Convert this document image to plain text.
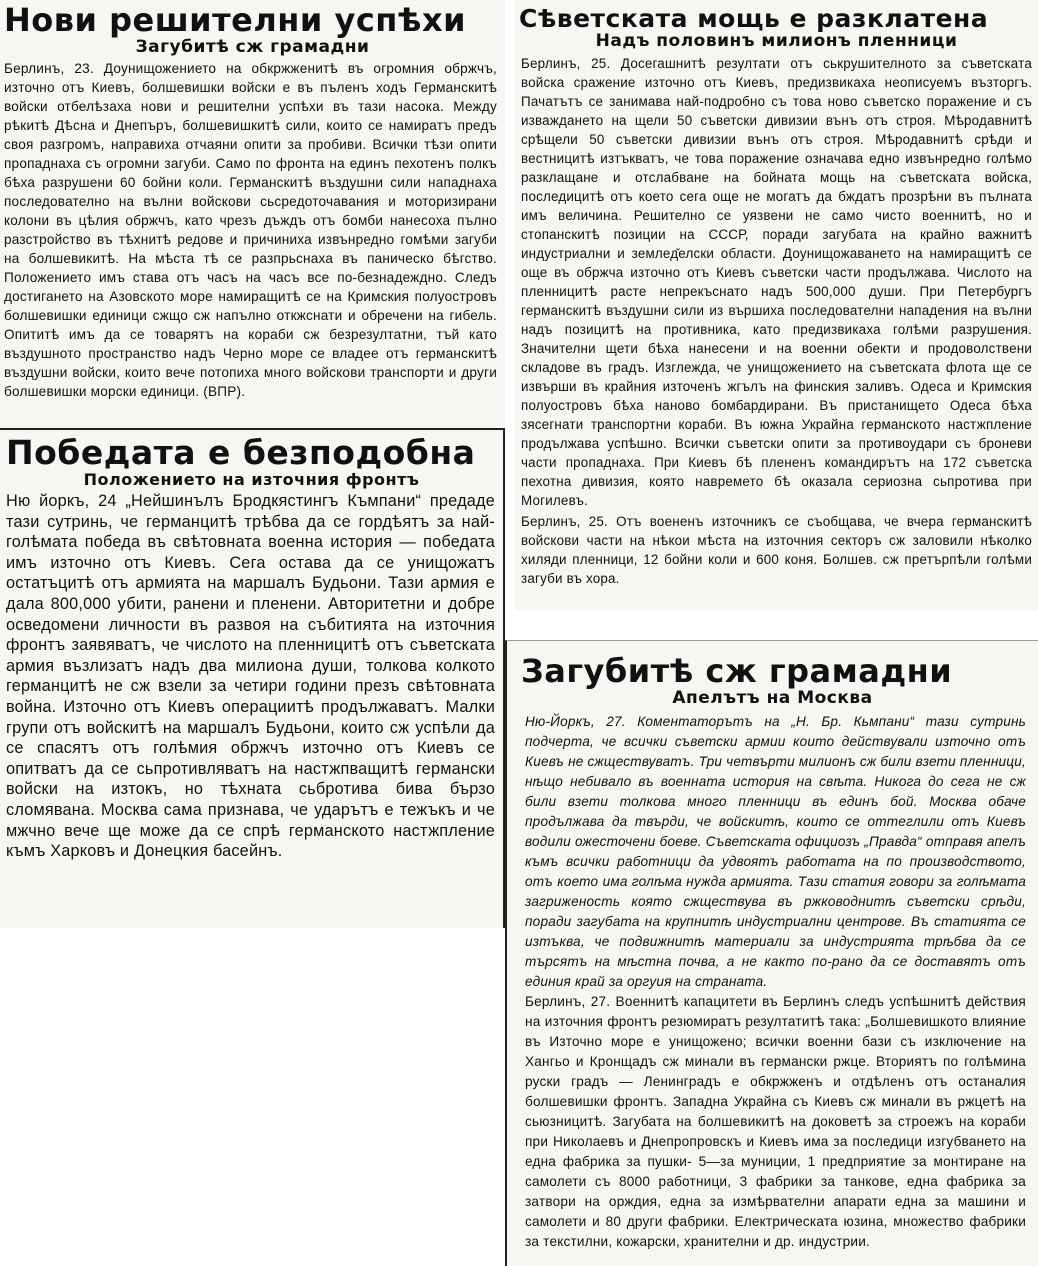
Нови решителни успѣхи
Загубитѣ сж грамадни

Берлинъ, 23. Доунищожението на обкржженитѣ въ огромния обржчъ, източно отъ Киевъ, болшевишки войски е въ пъленъ ходъ Германскитѣ войски отбелѣзаха нови и решителни успѣхи въ тази насока. Между рѣкитѣ Дѣсна и Днепъръ, болшевишкитѣ сили, които се намиратъ предъ своя разгромъ, направиха отчаяни опити за пробиви. Всички тѣзи опити пропаднаха съ огромни загуби. Само по фронта на единъ пехотенъ полкъ бѣха разрушени 60 бойни коли. Германскитѣ въздушни сили нападнаха последователно на вълни войскови сьсредоточавания и моторизирани колони въ цѣлия обржчъ, като чрезъ дъждъ отъ бомби нанесоха пълно разстройство въ тѣхнитѣ редове и причиниха извънредно гомѣми загуби на болшевикитѣ. На мѣста тѣ се разпрьснаха въ паническо бѣгство. Положението имъ става отъ часъ на часъ все по-безнадеждно. Следъ достигането на Азовското море намиращитѣ се на Кримския полуостровъ болшевишки единици сжщо сж напълно откжснати и обречени на гибель. Опититѣ имъ да се товарятъ на кораби сж безрезултатни, тъй като въздушното пространство надъ Черно море се владее отъ германскитѣ въздушни войски, които вече потопиха много войскови транспорти и други болшевишки морски единици. (ВПР).

Победата е безподобна
Положението на източния фронтъ

Ню йоркъ, 24 „Нейшинълъ Бродкястингъ Къмпани“ предаде тази сутринь, че германцитѣ трѣбва да се гордѣятъ за най-голѣмата победа въ свѣтовната военна история — победата имъ източно отъ Киевъ. Сега остава да се унищожатъ остатъцитѣ отъ армията на маршалъ Будьони. Тази армия е дала 800,000 убити, ранени и пленени. Авторитетни и добре осведомени личности въ развоя на събитията на източния фронтъ заявяватъ, че числото на пленницитѣ отъ съветската армия възлизатъ надъ два милиона души, толкова колкото германцитѣ не сж взели за четири години презъ свѣтовната война. Източно отъ Киевъ операциитѣ продължаватъ. Малки групи отъ войскитѣ на маршалъ Будьони, които сж успѣли да се спасятъ отъ голѣмия обржчъ източно отъ Киевъ се опитватъ да се сьпротивляватъ на настжпващитѣ германски войски на изтокъ, но тѣхната сьбротива бива бързо сломявана. Москва сама признава, че ударътъ е тежъкъ и че мжчно вече ще може да се спрѣ германското настжпление къмъ Харковъ и Донецкия басейнъ.

Сѣветската мощь е разклатена
Надъ половинъ милионъ пленници

Берлинъ, 25. Досегашнитѣ резултати отъ ськрушителното за съветската войска сражение източно отъ Киевъ, предизвикаха неописуемъ възторгъ. Пачатътъ се занимава най-подробно съ това ново съветско поражение и съ изваждането на щели 50 съветски дивизии вънъ отъ строя. Мѣродавнитѣ срѣщели 50 съветски дивизии вънъ отъ строя. Мѣродавнитѣ срѣди и вестницитѣ изтъкватъ, че това поражение означава едно извънредно голѣмо разклащане и отслабване на бойната мощь на съветската войска, последицитѣ отъ което сега още не могатъ да бждатъ прозрѣни въ пълната имъ величина. Решително се уязвени не само чисто военнитѣ, но и стопанскитѣ позиции на СССР, поради загубата на крайно важнитѣ индустриални и землед̆елски области. Доунищожаването на намиращитѣ се още въ обржча източно отъ Киевъ съветски части продължава. Числото на пленницитѣ расте непрекъснато надъ 500,000 души. При Петербургъ германскитѣ въздушни сили из вършиха последователни нападения на вълни надъ позицитѣ на противника, като предизвикаха голѣми разрушения. Значителни щети бѣха нанесени и на военни обекти и продоволствени складове въ градъ. Изглежда, че унищожението на съветската флота ще се извърши въ крайния източенъ жгълъ на финския заливъ. Одеса и Кримския полуостровъ бѣха наново бомбардирани. Въ пристанището Одеса бѣха зясегнати транспортни кораби. Въ южна Украйна германското настжпление продължава успѣшно. Всички съветски опити за противоудари съ броневи части пропаднаха. При Киевъ бѣ плененъ командирътъ на 172 съветска пехотна дивизия, която навремето бѣ оказала сериозна сьпротива при Могилевъ.

Берлинъ, 25. Отъ воененъ източникъ се съобщава, че вчера германскитѣ войскови части на нѣкои мѣста на източния секторъ сж заловили нѣколко хиляди пленници, 12 бойни коли и 600 коня. Болшев. сж претърпѣли голѣми загуби въ хора.

Загубитѣ сж грамадни
Апелътъ на Москва

Ню-Йоркъ, 27. Коментаторътъ на „Н. Бр. Кьмпани“ тази сутринь подчерта, че всички съветски армии които действували източно отъ Киевъ не сжществуватъ. Три четвърти милионъ сж били взети пленници, нѣщо небивало въ военната история на свѣта. Никога до сега не сж били взети толкова много пленници въ единъ бой. Москва обаче продължава да твърди, че войскитѣ, които се оттеглили отъ Киевъ водили ожесточени боеве. Съветската официозъ „Правда“ отправя апелъ къмъ всички работници да удвоятъ работата на по производството, отъ което има голѣма нужда армията. Тази статия говори за голѣмата загриженость която сжществува въ ржководнитѣ съветски срѣди, поради загубата на крупнитѣ индустриални центрове. Въ статията се изтъква, че подвижнитѣ материали за индустрията трѣбва да се търсятъ на мѣстна почва, а не както по-рано да се доставятъ отъ единия край за оргуия на страната.

Берлинъ, 27. Военнитѣ капацитети въ Берлинъ следъ успѣшнитѣ действия на източния фронтъ резюмиратъ резултатитѣ така: „Болшевишкото влияние въ Източно море е унищожено; всички военни бази съ изключение на Хангьо и Кронщадъ сж минали въ германски ржце. Вториятъ по голѣмина руски градъ — Ленинградъ е обкржженъ и отдѣленъ отъ останалия болшевишки фронтъ. Западна Украйна съ Киевъ сж минали въ ржцетѣ на сьюзницитѣ. Загубата на болшевикитѣ на доковетѣ за строежъ на кораби при Николаевъ и Днепропровскъ и Киевъ има за последици изгубването на една фабрика за пушки- 5—за муниции, 1 предприятие за монтиране на самолети съ 8000 работници, 3 фабрики за танкове, една фабрика за затвори на орждия, една за измѣрвателни апарати една за машини и самолети и 80 други фабрики. Електрическата юзина, множество фабрики за текстилни, кожарски, хранителни и др. индустрии.
